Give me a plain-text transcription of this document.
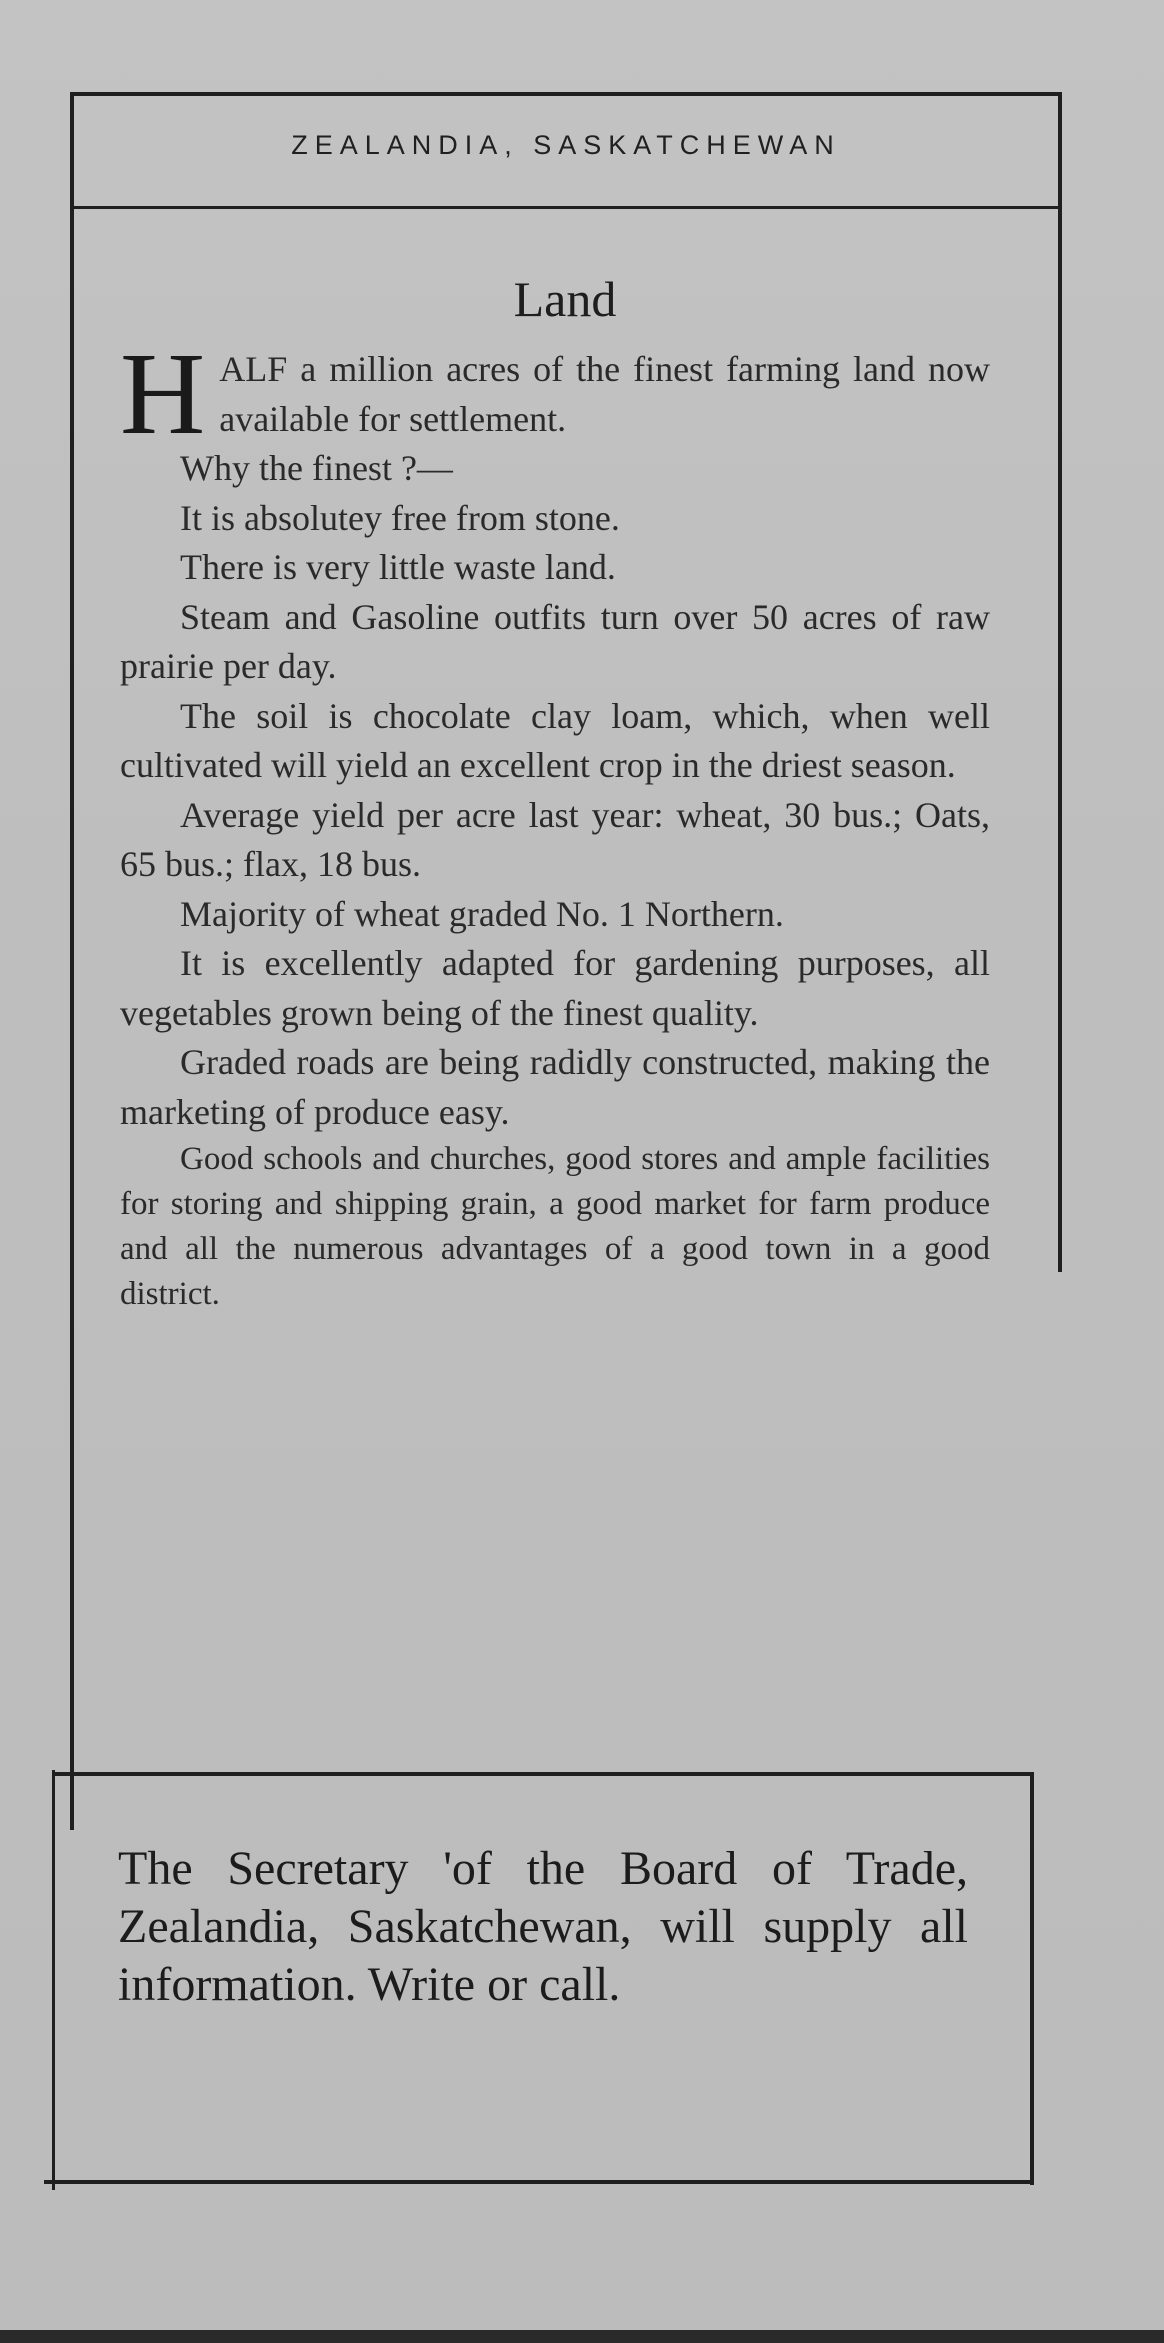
ZEALANDIA, SASKATCHEWAN
Land

HALF a million acres of the finest farming land now available for settlement.

Why the finest ?—

It is absolutey free from stone.

There is very little waste land.

Steam and Gasoline outfits turn over 50 acres of raw prairie per day.

The soil is chocolate clay loam, which, when well cultivated will yield an excellent crop in the driest season.

Average yield per acre last year: wheat, 30 bus.; Oats, 65 bus.; flax, 18 bus.

Majority of wheat graded No. 1 Northern.

It is excellently adapted for gardening purposes, all vegetables grown being of the finest quality.

Graded roads are being radidly constructed, making the marketing of produce easy.

Good schools and churches, good stores and ample facilities for storing and shipping grain, a good market for farm produce and all the numerous advantages of a good town in a good district.

The Secretary 'of the Board of Trade, Zealandia, Saskatchewan, will supply all information. Write or call.
